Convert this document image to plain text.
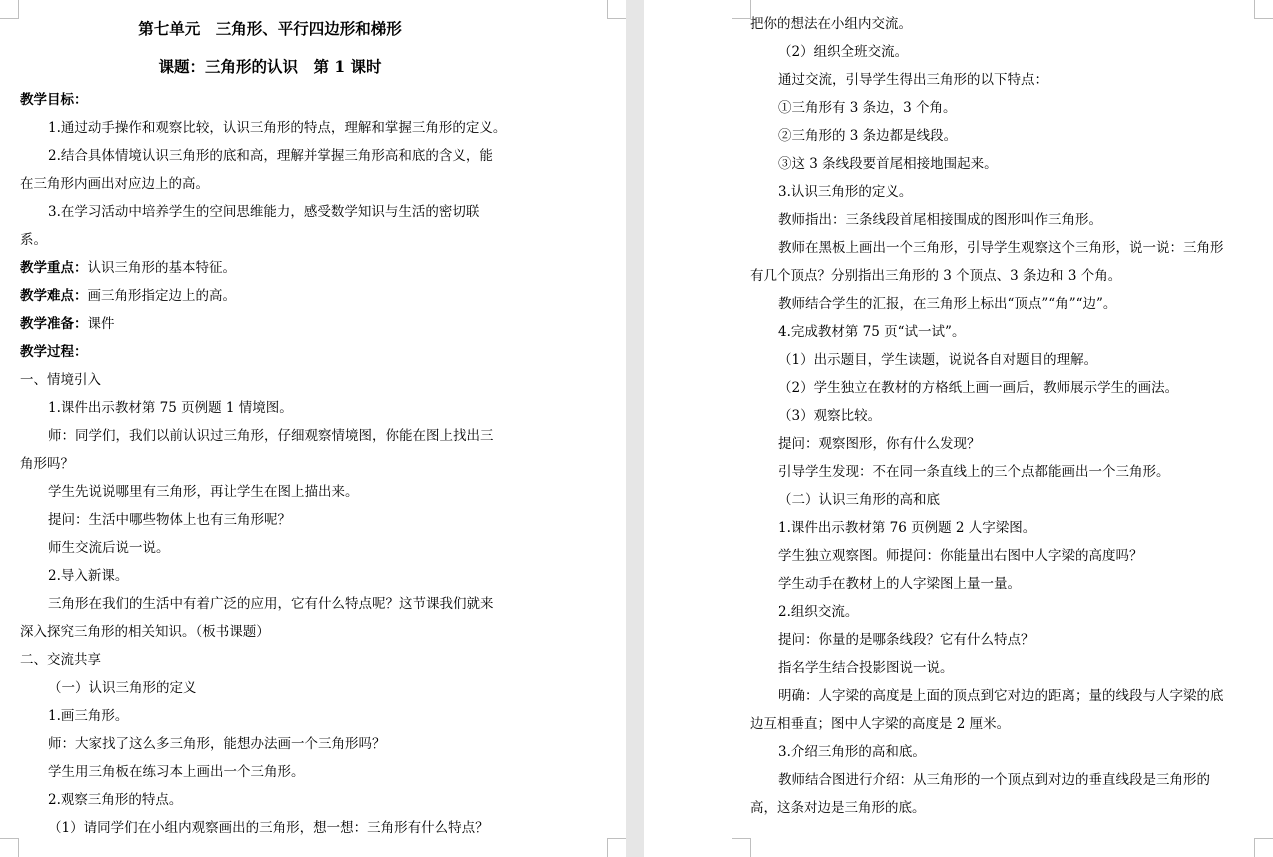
第七单元　三角形、平行四边形和梯形
课题：三角形的认识　第 1 课时
教学目标：
1.通过动手操作和观察比较，认识三角形的特点，理解和掌握三角形的定义。
2.结合具体情境认识三角形的底和高，理解并掌握三角形高和底的含义，能
在三角形内画出对应边上的高。
3.在学习活动中培养学生的空间思维能力，感受数学知识与生活的密切联
系。
教学重点：认识三角形的基本特征。
教学难点：画三角形指定边上的高。
教学准备：课件
教学过程：
一、情境引入
1.课件出示教材第 75 页例题 1 情境图。
师：同学们，我们以前认识过三角形，仔细观察情境图，你能在图上找出三
角形吗？
学生先说说哪里有三角形，再让学生在图上描出来。
提问：生活中哪些物体上也有三角形呢？
师生交流后说一说。
2.导入新课。
三角形在我们的生活中有着广泛的应用，它有什么特点呢？这节课我们就来
深入探究三角形的相关知识。（板书课题）
二、交流共享
（一）认识三角形的定义
1.画三角形。
师：大家找了这么多三角形，能想办法画一个三角形吗？
学生用三角板在练习本上画出一个三角形。
2.观察三角形的特点。
（1）请同学们在小组内观察画出的三角形，想一想：三角形有什么特点？
把你的想法在小组内交流。
（2）组织全班交流。
通过交流，引导学生得出三角形的以下特点：
①三角形有 3 条边，3 个角。
②三角形的 3 条边都是线段。
③这 3 条线段要首尾相接地围起来。
3.认识三角形的定义。
教师指出：三条线段首尾相接围成的图形叫作三角形。
教师在黑板上画出一个三角形，引导学生观察这个三角形，说一说：三角形
有几个顶点？分别指出三角形的 3 个顶点、3 条边和 3 个角。
教师结合学生的汇报，在三角形上标出“顶点”“角”“边”。
4.完成教材第 75 页“试一试”。
（1）出示题目，学生读题，说说各自对题目的理解。
（2）学生独立在教材的方格纸上画一画后，教师展示学生的画法。
（3）观察比较。
提问：观察图形，你有什么发现？
引导学生发现：不在同一条直线上的三个点都能画出一个三角形。
（二）认识三角形的高和底
1.课件出示教材第 76 页例题 2 人字梁图。
学生独立观察图。师提问：你能量出右图中人字梁的高度吗？
学生动手在教材上的人字梁图上量一量。
2.组织交流。
提问：你量的是哪条线段？它有什么特点？
指名学生结合投影图说一说。
明确：人字梁的高度是上面的顶点到它对边的距离；量的线段与人字梁的底
边互相垂直；图中人字梁的高度是 2 厘米。
3.介绍三角形的高和底。
教师结合图进行介绍：从三角形的一个顶点到对边的垂直线段是三角形的
高，这条对边是三角形的底。
